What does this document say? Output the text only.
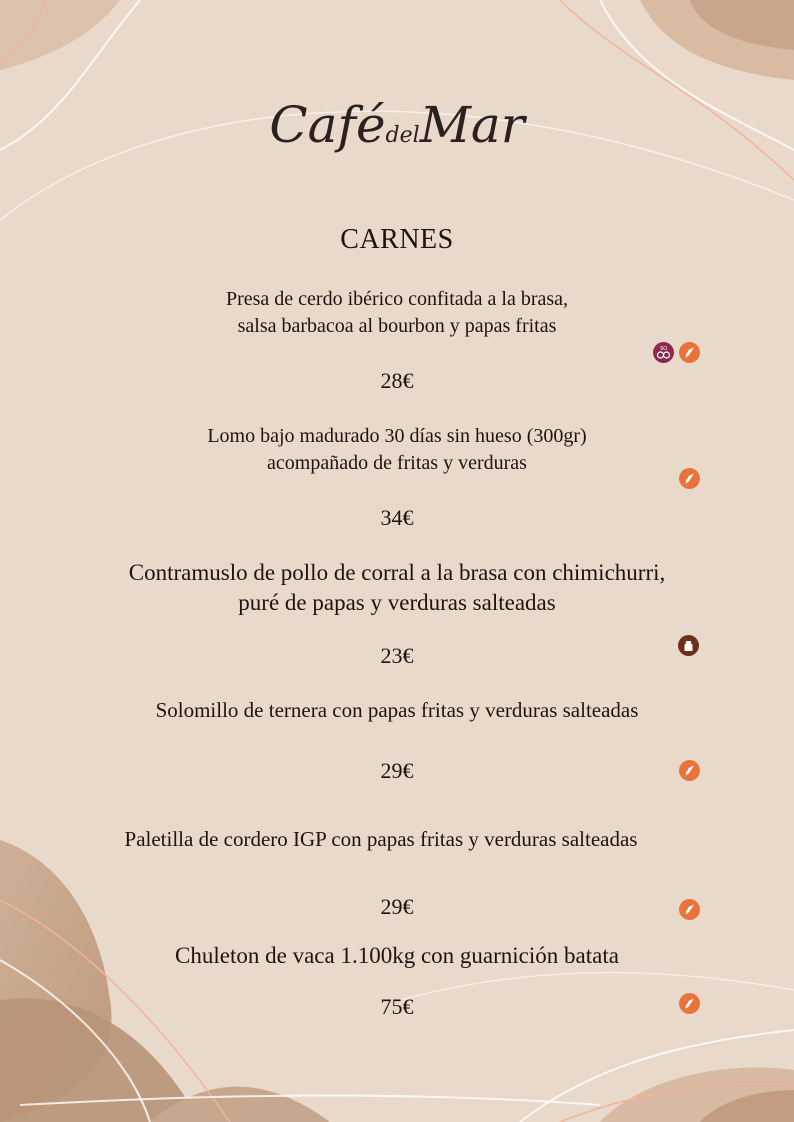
CafédelMar
CARNES
Presa de cerdo ibérico confitada a la brasa,
salsa barbacoa al bourbon y papas fritas
28€
SO
Lomo bajo madurado 30 días sin hueso (300gr)
acompañado de fritas y verduras
34€
Contramuslo de pollo de corral a la brasa con chimichurri,
puré de papas y verduras salteadas
23€
Solomillo de ternera con papas fritas y verduras salteadas
29€
Paletilla de cordero IGP con papas fritas y verduras salteadas
29€
Chuleton de vaca 1.100kg con guarnición batata
75€
